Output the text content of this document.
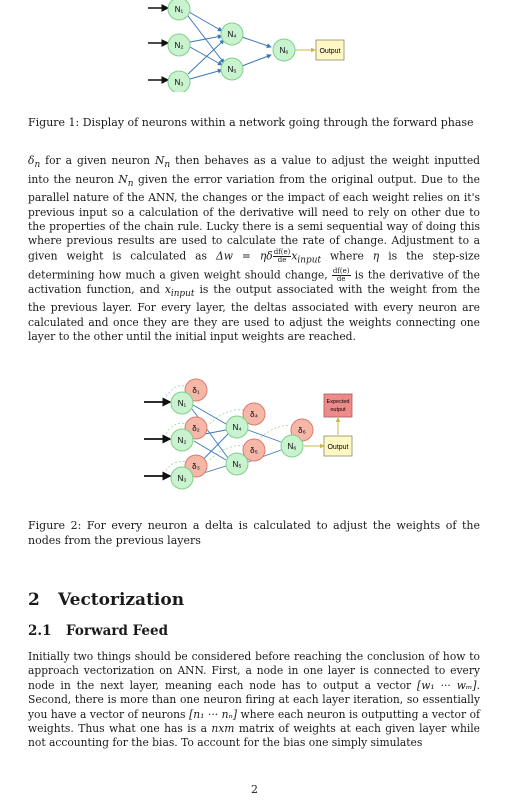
N₁
N₂
N₃
N₄
N₅
N₆	Output
Figure 1: Display of neurons within a network going through the forward phase

$\delta_n$ for a given neuron $N_n$ then behaves as a value to adjust the weight inputted into the neuron $N_n$ given the error variation from the original output. Due to the parallel nature of the ANN, the changes or the impact of each weight relies on it's previous input so a calculation of the derivative will need to rely on other due to the properties of the chain rule. Lucky there is a semi sequential way of doing this where previous results are used to calculate the rate of change. Adjustment to a given weight is calculated as Δw = ηδ $\frac{df(e)}{de} x_{input}$ where η is the step-size determining how much a given weight should change, $\frac{df(e)}{de}$ is the derivative of the activation function, and $x_{input}$ is the output associated with the weight from the the previous layer. For every layer, the deltas associated with every neuron are calculated and once they are they are used to adjust the weights connecting one layer to the other until the initial input weights are reached.

δ₁
δ₂
δ₃
δ₄
δ₅
δ₆
N₁
N₂
N₃
N₄
N₅
N₆
Expected
output
Output
Figure 2: For every neuron a delta is calculated to adjust the weights of the nodes from the previous layers
2 Vectorization
2.1 Forward Feed

Initially two things should be considered before reaching the conclusion of how to approach vectorization on ANN. First, a node in one layer is connected to every node in the next layer, meaning each node has to output a vector [w₁ ··· wₘ]. Second, there is more than one neuron firing at each layer iteration, so essentially you have a vector of neurons [n₁ ··· nₙ] where each neuron is outputting a vector of weights. Thus what one has is a nxm matrix of weights at each given layer while not accounting for the bias. To account for the bias one simply simulates

2
